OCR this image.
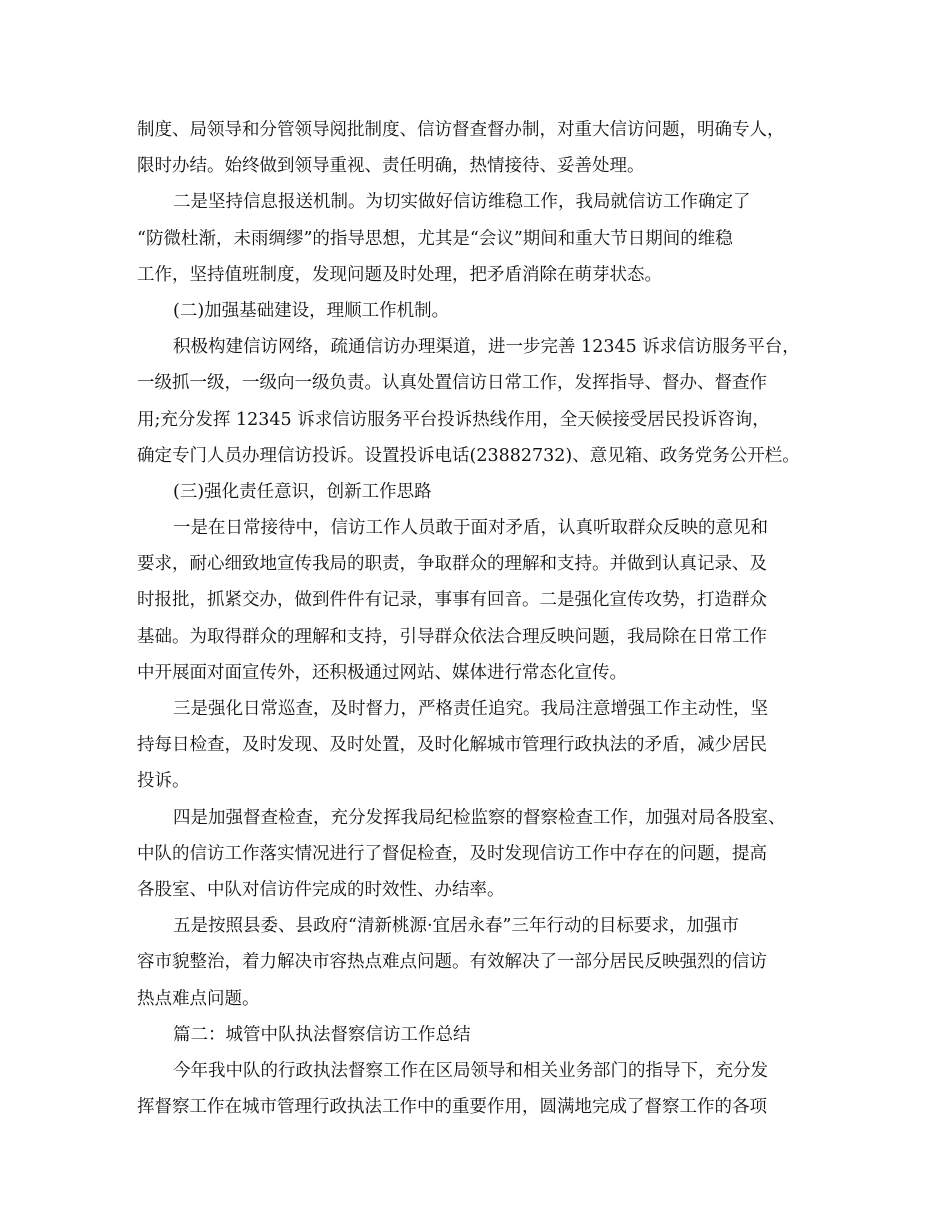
制度、局领导和分管领导阅批制度、信访督查督办制，对重大信访问题，明确专人，
限时办结。始终做到领导重视、责任明确，热情接待、妥善处理。
二是坚持信息报送机制。为切实做好信访维稳工作，我局就信访工作确定了
“防微杜渐，未雨绸缪”的指导思想，尤其是“会议”期间和重大节日期间的维稳
工作，坚持值班制度，发现问题及时处理，把矛盾消除在萌芽状态。
(二)加强基础建设，理顺工作机制。
积极构建信访网络，疏通信访办理渠道，进一步完善 12345 诉求信访服务平台，
一级抓一级，一级向一级负责。认真处置信访日常工作，发挥指导、督办、督查作
用;充分发挥 12345 诉求信访服务平台投诉热线作用，全天候接受居民投诉咨询，
确定专门人员办理信访投诉。设置投诉电话(23882732)、意见箱、政务党务公开栏。
(三)强化责任意识，创新工作思路
一是在日常接待中，信访工作人员敢于面对矛盾，认真听取群众反映的意见和
要求，耐心细致地宣传我局的职责，争取群众的理解和支持。并做到认真记录、及
时报批，抓紧交办，做到件件有记录，事事有回音。二是强化宣传攻势，打造群众
基础。为取得群众的理解和支持，引导群众依法合理反映问题，我局除在日常工作
中开展面对面宣传外，还积极通过网站、媒体进行常态化宣传。
三是强化日常巡查，及时督力，严格责任追究。我局注意增强工作主动性，坚
持每日检查，及时发现、及时处置，及时化解城市管理行政执法的矛盾，减少居民
投诉。
四是加强督查检查，充分发挥我局纪检监察的督察检查工作，加强对局各股室、
中队的信访工作落实情况进行了督促检查，及时发现信访工作中存在的问题，提高
各股室、中队对信访件完成的时效性、办结率。
五是按照县委、县政府“清新桃源·宜居永春”三年行动的目标要求，加强市
容市貌整治，着力解决市容热点难点问题。有效解决了一部分居民反映强烈的信访
热点难点问题。
篇二：城管中队执法督察信访工作总结
今年我中队的行政执法督察工作在区局领导和相关业务部门的指导下，充分发
挥督察工作在城市管理行政执法工作中的重要作用，圆满地完成了督察工作的各项
